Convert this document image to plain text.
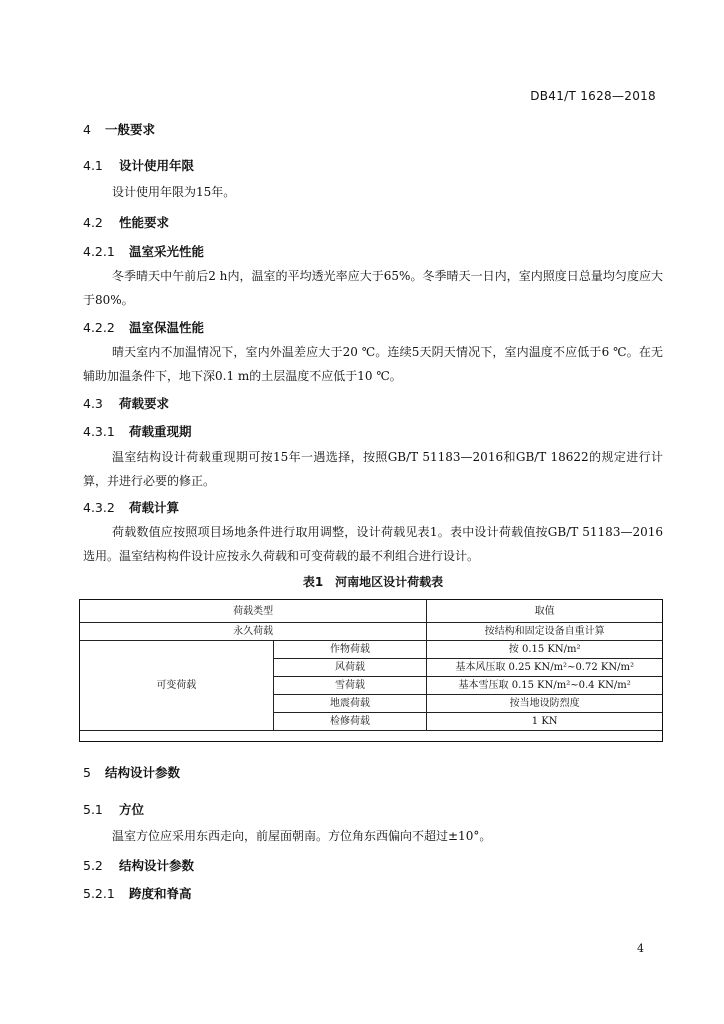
DB41/T 1628—2018
4 一般要求
4.1 设计使用年限
设计使用年限为15年。
4.2 性能要求
4.2.1 温室采光性能
冬季晴天中午前后2 h内，温室的平均透光率应大于65%。冬季晴天一日内，室内照度日总量均匀度应大于80%。
4.2.2 温室保温性能
晴天室内不加温情况下，室内外温差应大于20 ℃。连续5天阴天情况下，室内温度不应低于6 ℃。在无辅助加温条件下，地下深0.1 m的土层温度不应低于10 ℃。
4.3 荷载要求
4.3.1 荷载重现期
温室结构设计荷载重现期可按15年一遇选择，按照GB/T 51183—2016和GB/T 18622的规定进行计算，并进行必要的修正。
4.3.2 荷载计算
荷载数值应按照项目场地条件进行取用调整，设计荷载见表1。表中设计荷载值按GB/T 51183—2016选用。温室结构构件设计应按永久荷载和可变荷载的最不利组合进行设计。
表1　河南地区设计荷载表
荷载类型		取值
永久荷载		按结构和固定设备自重计算
可变荷载	作物荷载	按 0.15 KN/m²
	风荷载	基本风压取 0.25 KN/m²~0.72 KN/m²
	雪荷载	基本雪压取 0.15 KN/m²~0.4 KN/m²
	地震荷载	按当地设防烈度
	检修荷载	1 KN
5 结构设计参数
5.1 方位
温室方位应采用东西走向，前屋面朝南。方位角东西偏向不超过±10°。
5.2 结构设计参数
5.2.1 跨度和脊高
4
